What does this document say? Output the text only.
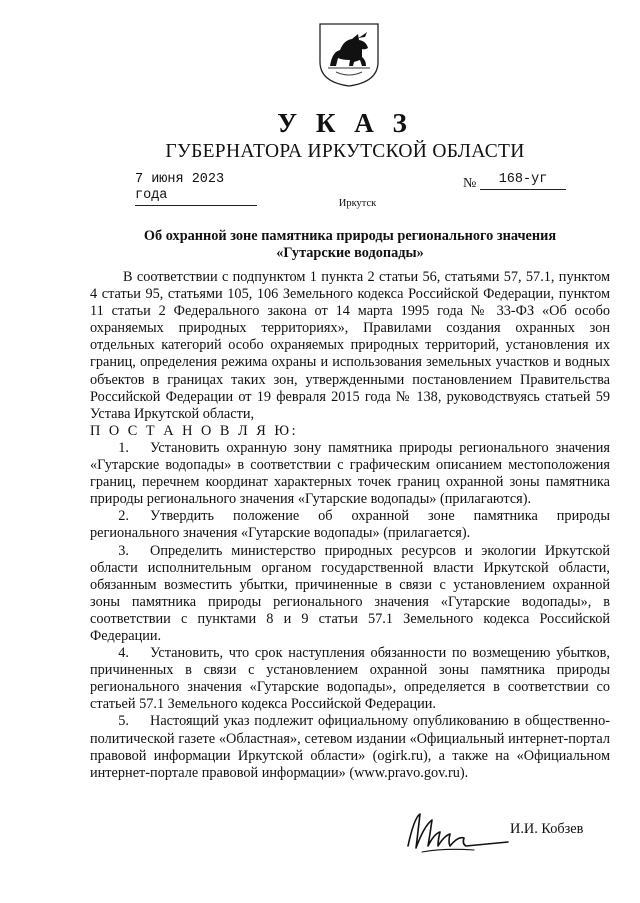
У К А З
ГУБЕРНАТОРА ИРКУТСКОЙ ОБЛАСТИ
7 июня 2023 года
№	168-уг
Иркутск
Об охранной зоне памятника природы регионального значения
«Гутарские водопады»

В соответствии с подпунктом 1 пункта 2 статьи 56, статьями 57, 57.1, пунктом 4 статьи 95, статьями 105, 106 Земельного кодекса Российской Федерации, пунктом 11 статьи 2 Федерального закона от 14 марта 1995 года № 33-ФЗ «Об особо охраняемых природных территориях», Правилами создания охранных зон отдельных категорий особо охраняемых природных территорий, установления их границ, определения режима охраны и использования земельных участков и водных объектов в границах таких зон, утвержденными постановлением Правительства Российской Федерации от 19 февраля 2015 года № 138, руководствуясь статьей 59 Устава Иркутской области,

П О С Т А Н О В Л Я Ю:

1. Установить охранную зону памятника природы регионального значения «Гутарские водопады» в соответствии с графическим описанием местоположения границ, перечнем координат характерных точек границ охранной зоны памятника природы регионального значения «Гутарские водопады» (прилагаются).

2. Утвердить положение об охранной зоне памятника природы регионального значения «Гутарские водопады» (прилагается).

3. Определить министерство природных ресурсов и экологии Иркутской области исполнительным органом государственной власти Иркутской области, обязанным возместить убытки, причиненные в связи с установлением охранной зоны памятника природы регионального значения «Гутарские водопады», в соответствии с пунктами 8 и 9 статьи 57.1 Земельного кодекса Российской Федерации.

4. Установить, что срок наступления обязанности по возмещению убытков, причиненных в связи с установлением охранной зоны памятника природы регионального значения «Гутарские водопады», определяется в соответствии со статьей 57.1 Земельного кодекса Российской Федерации.

5. Настоящий указ подлежит официальному опубликованию в общественно-политической газете «Областная», сетевом издании «Официальный интернет-портал правовой информации Иркутской области» (ogirk.ru), а также на «Официальном интернет-портале правовой информации» (www.pravo.gov.ru).

И.И. Кобзев
